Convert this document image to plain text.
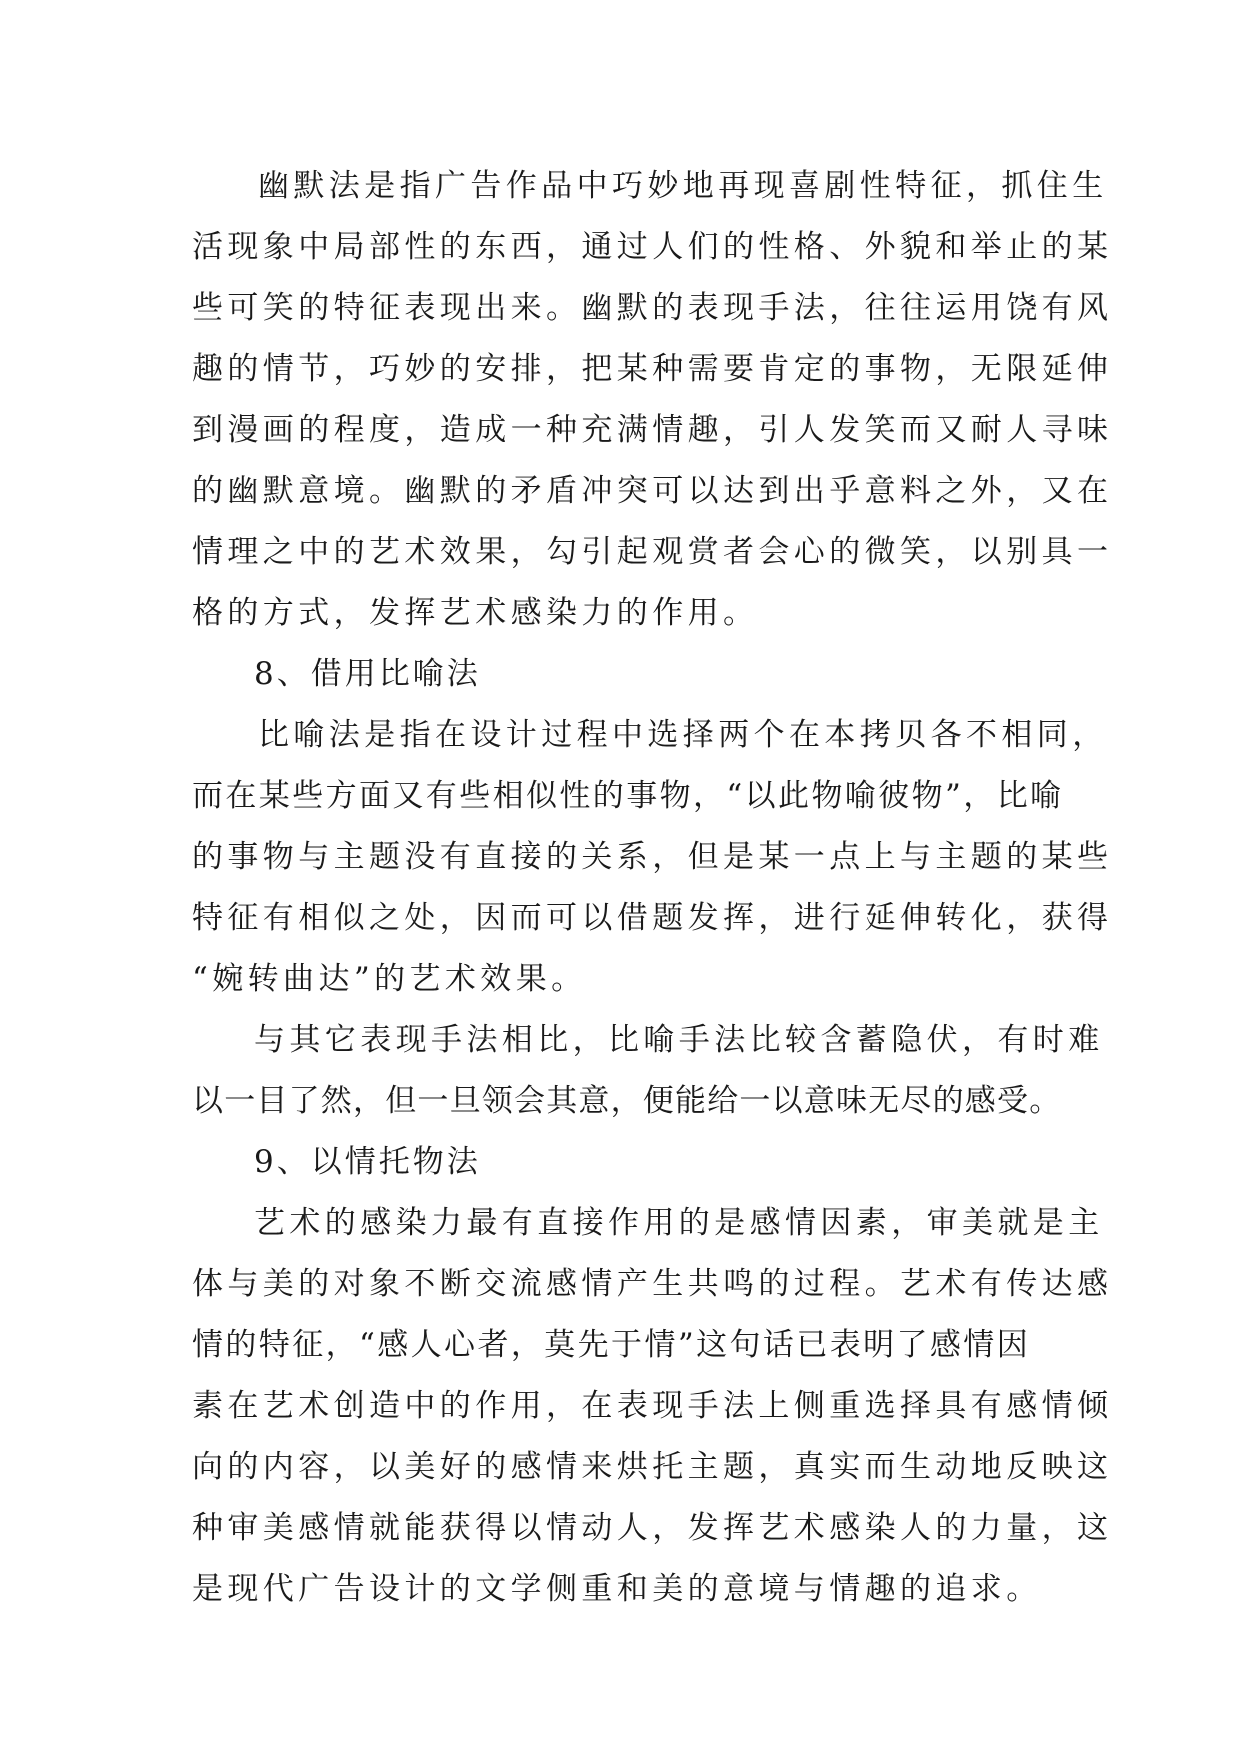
幽默法是指广告作品中巧妙地再现喜剧性特征，抓住生
活现象中局部性的东西，通过人们的性格、外貌和举止的某
些可笑的特征表现出来。幽默的表现手法，往往运用饶有风
趣的情节，巧妙的安排，把某种需要肯定的事物，无限延伸
到漫画的程度，造成一种充满情趣，引人发笑而又耐人寻味
的幽默意境。幽默的矛盾冲突可以达到出乎意料之外，又在
情理之中的艺术效果，勾引起观赏者会心的微笑，以别具一
格的方式，发挥艺术感染力的作用。
8、借用比喻法
比喻法是指在设计过程中选择两个在本拷贝各不相同，
而在某些方面又有些相似性的事物，“以此物喻彼物”，比喻
的事物与主题没有直接的关系，但是某一点上与主题的某些
特征有相似之处，因而可以借题发挥，进行延伸转化，获得
“婉转曲达”的艺术效果。
与其它表现手法相比，比喻手法比较含蓄隐伏，有时难
以一目了然，但一旦领会其意，便能给一以意味无尽的感受。
9、以情托物法
艺术的感染力最有直接作用的是感情因素，审美就是主
体与美的对象不断交流感情产生共鸣的过程。艺术有传达感
情的特征，“感人心者，莫先于情”这句话已表明了感情因
素在艺术创造中的作用，在表现手法上侧重选择具有感情倾
向的内容，以美好的感情来烘托主题，真实而生动地反映这
种审美感情就能获得以情动人，发挥艺术感染人的力量，这
是现代广告设计的文学侧重和美的意境与情趣的追求。
